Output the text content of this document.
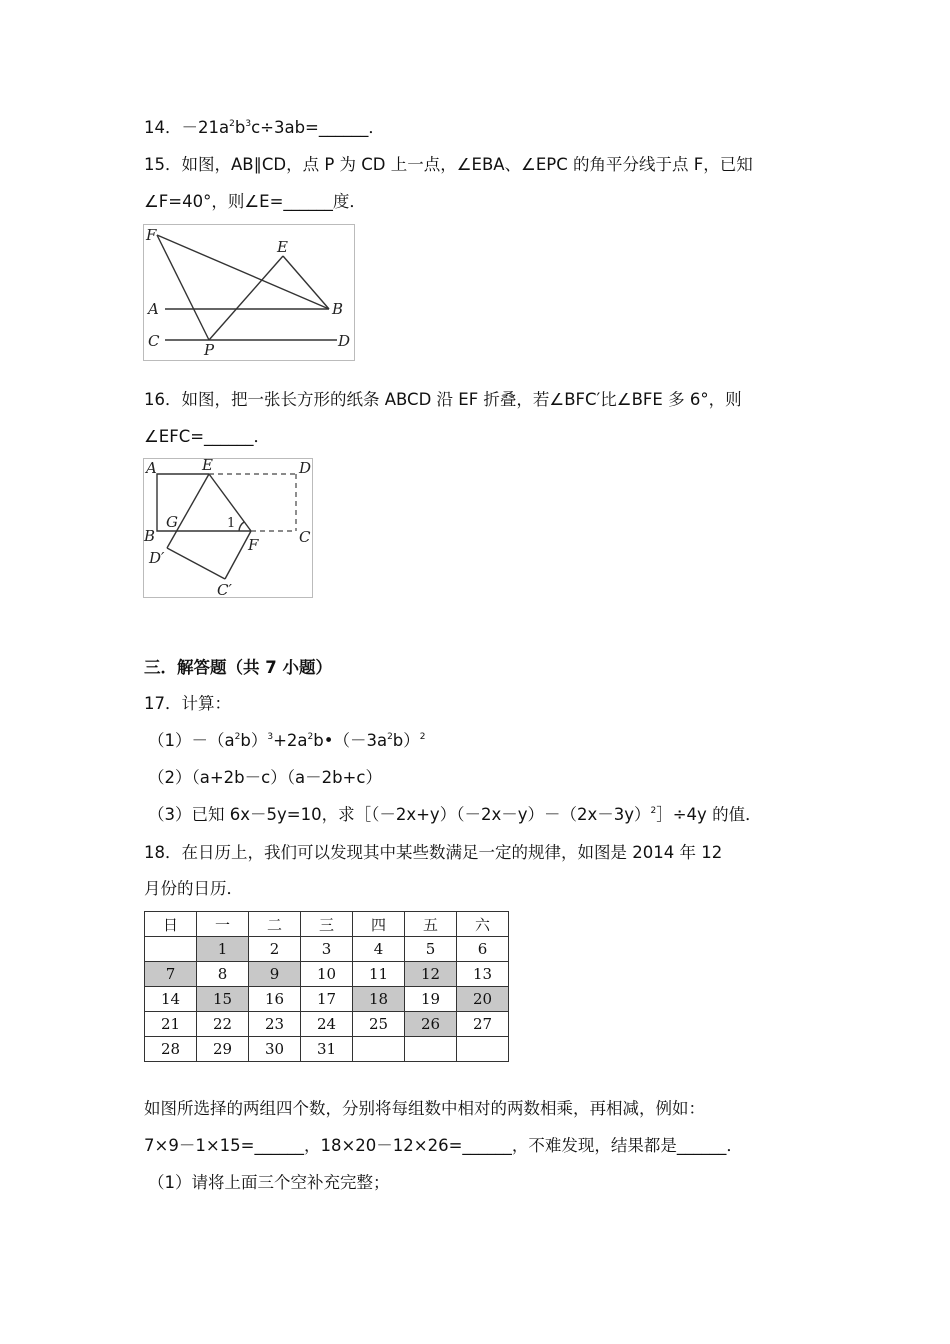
14．$-21a^2b^3c\div 3ab=\_\_\_\_\_\_$．
15．如图，AB∥CD，点 P 为 CD 上一点，∠EBA、∠EPC 的角平分线于点 F，已知
∠F=40°，则∠E=______度．
F
E
A	B
C	P	D
16．如图，把一张长方形的纸条 ABCD 沿 EF 折叠，若∠BFC′比∠BFE 多 6°，则
∠EFC=______．
A	E	D
G	1
B	C
D′
F
C′
三．解答题（共 7 小题）
17．计算：
$(1)-(a^2b)^3+2a^2b•(-3a^2b)^2$
（2）（a+2b－c）（a－2b+c）
（3）已知 6x－5y=10，求$[(-2x+y)(-2x-y)-(2x-3y)^2]\div 4y$ 的值．
18．在日历上，我们可以发现其中某些数满足一定的规律，如图是 2014 年 12
月份的日历．
日	一	二	三	四	五	六
	1	2	3	4	5	6
7	8	9	10	11	12	13
14	15	16	17	18	19	20
21	22	23	24	25	26	27
28	29	30	31			
如图所选择的两组四个数，分别将每组数中相对的两数相乘，再相减，例如：
7×9－1×15=______，18×20－12×26=______，不难发现，结果都是______．
（1）请将上面三个空补充完整；
